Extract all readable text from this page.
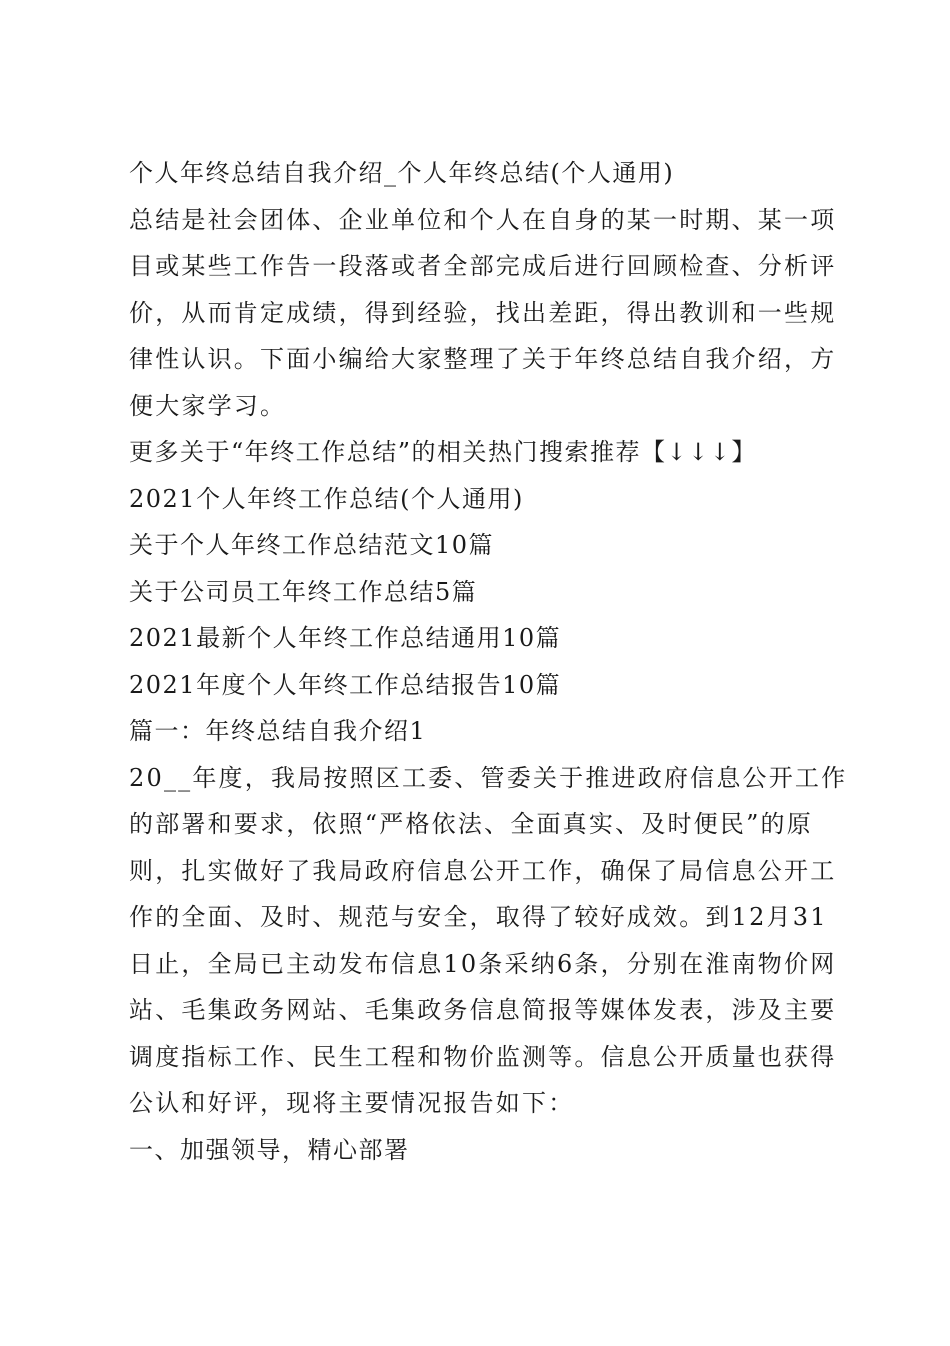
个人年终总结自我介绍_个人年终总结(个人通用)
总结是社会团体、企业单位和个人在自身的某一时期、某一项
目或某些工作告一段落或者全部完成后进行回顾检查、分析评
价，从而肯定成绩，得到经验，找出差距，得出教训和一些规
律性认识。下面小编给大家整理了关于年终总结自我介绍，方
便大家学习。
更多关于“年终工作总结”的相关热门搜索推荐【↓↓↓】
2021个人年终工作总结(个人通用)
关于个人年终工作总结范文10篇
关于公司员工年终工作总结5篇
2021最新个人年终工作总结通用10篇
2021年度个人年终工作总结报告10篇
篇一：年终总结自我介绍1
20__年度，我局按照区工委、管委关于推进政府信息公开工作
的部署和要求，依照“严格依法、全面真实、及时便民”的原
则，扎实做好了我局政府信息公开工作，确保了局信息公开工
作的全面、及时、规范与安全，取得了较好成效。到12月31
日止，全局已主动发布信息10条采纳6条，分别在淮南物价网
站、毛集政务网站、毛集政务信息简报等媒体发表，涉及主要
调度指标工作、民生工程和物价监测等。信息公开质量也获得
公认和好评，现将主要情况报告如下：
一、加强领导，精心部署
